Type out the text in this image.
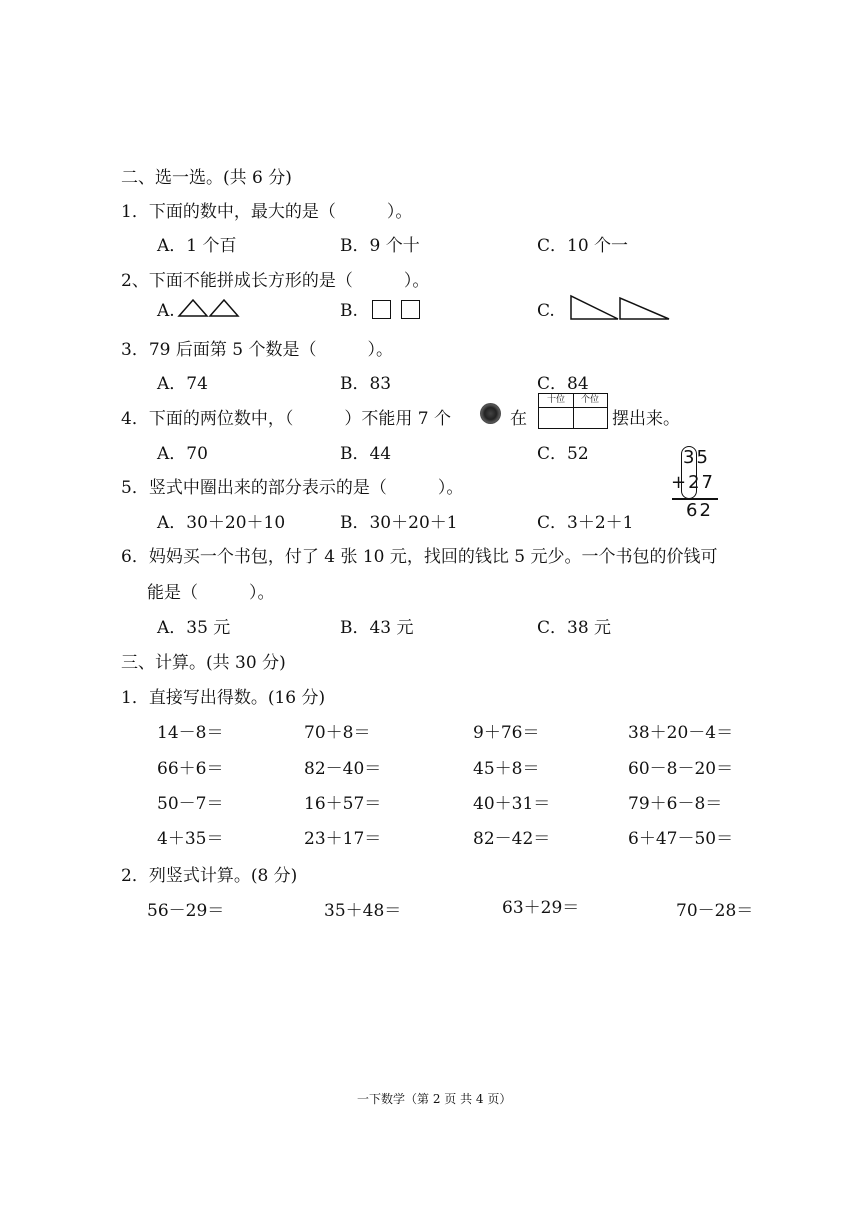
二、选一选。(共 6 分)
1．下面的数中，最大的是（　　　）。
A．1 个百	B．9 个十	C．10 个一
2、下面不能拼成长方形的是（　　　）。
A.	B.	C.
3．79 后面第 5 个数是（　　　）。
A．74	B．83	C．84
4．下面的两位数中，（　　　）不能用 7 个	在
十位	个位
摆出来。
A．70	B．44	C．52
5．竖式中圈出来的部分表示的是（　　　）。
35
+27
62
A．30＋20＋10	B．30＋20＋1	C．3＋2＋1
6．妈妈买一个书包，付了 4 张 10 元，找回的钱比 5 元少。一个书包的价钱可
能是（　　　）。
A．35 元	B．43 元	C．38 元
三、计算。(共 30 分)
1．直接写出得数。(16 分)
14－8＝	70＋8＝	9＋76＝	38＋20－4＝
66＋6＝	82－40＝	45＋8＝	60－8－20＝
50－7＝	16＋57＝	40＋31＝	79＋6－8＝
4＋35＝	23＋17＝	82－42＝	6＋47－50＝
2．列竖式计算。(8 分)
56－29＝	35＋48＝	63＋29＝	70－28＝
一下数学（第 2 页 共 4 页）
